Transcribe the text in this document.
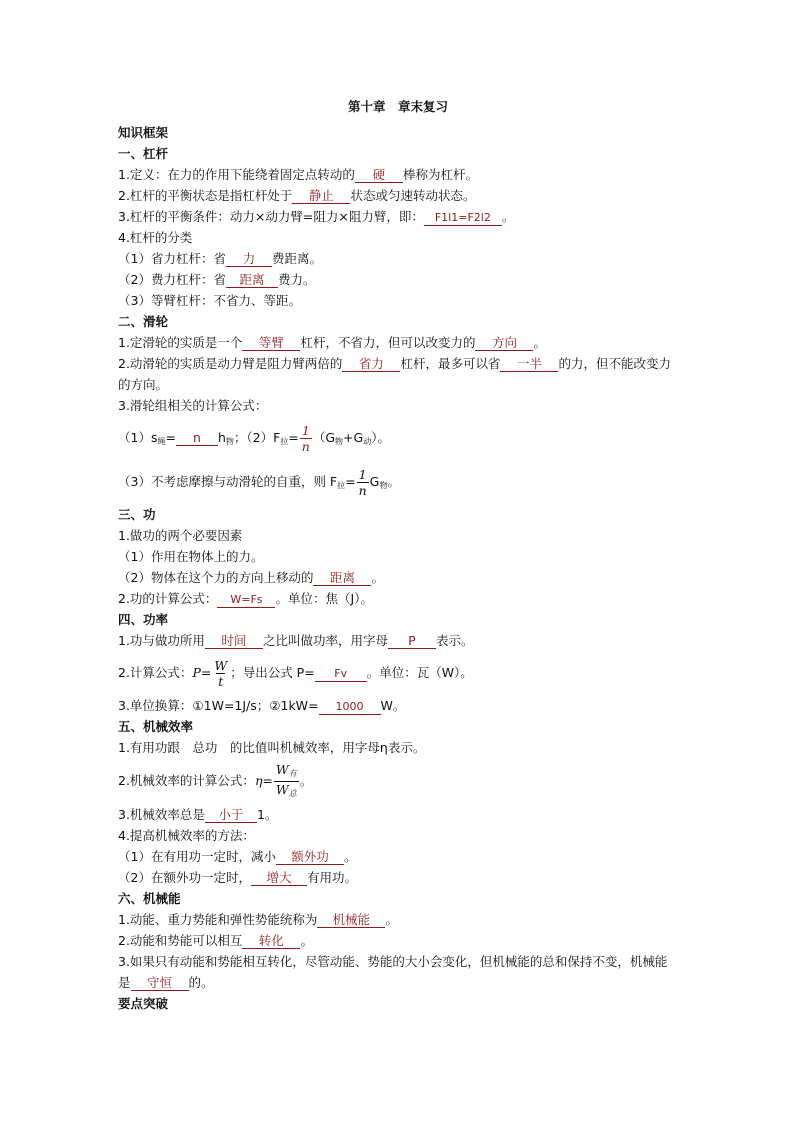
第十章　章末复习
知识框架
一、杠杆
1.定义：在力的作用下能绕着固定点转动的 硬 棒称为杠杆。
2.杠杆的平衡状态是指杠杆处于 静止 状态或匀速转动状态。
3.杠杆的平衡条件：动力×动力臂=阻力×阻力臂，即： F1l1=F2l2 。
4.杠杆的分类
（1）省力杠杆：省 力 费距离。
（2）费力杠杆：省 距离 费力。
（3）等臂杠杆：不省力、等距。
二、滑轮
1.定滑轮的实质是一个 等臂 杠杆，不省力，但可以改变力的 方向 。
2.动滑轮的实质是动力臂是阻力臂两倍的 省力 杠杆，最多可以省 一半 的力，但不能改变力的方向。
3.滑轮组相关的计算公式：
$(1)s_绳= n$ $h_物$；$(2)F_拉= \frac{1}{n} (G_物+G_动)$。
（3）不考虑摩擦与动滑轮的自重，则 $F_拉= \frac{1}{n} G_物$。
三、功
1.做功的两个必要因素
（1）作用在物体上的力。
（2）物体在这个力的方向上移动的 距离 。
2.功的计算公式： W=Fs 。单位：焦（J）。
四、功率
1.功与做功所用 时间 之比叫做功率，用字母 P 表示。
2.计算公式：$P= \frac{W}{t}$ ；导出公式 P= Fv 。单位：瓦（W）。
3.单位换算：①1W=1J/s；②1kW= 1000 W。
五、机械效率
1.有用功跟　总功　的比值叫机械效率，用字母η表示。
2.机械效率的计算公式：$\eta= \frac{W_有}{W_总}$ 。
3.机械效率总是 小于 1。
4.提高机械效率的方法：
（1）在有用功一定时，减小 额外功 。
（2）在额外功一定时， 增大 有用功。
六、机械能
1.动能、重力势能和弹性势能统称为 机械能 。
2.动能和势能可以相互 转化 。
3.如果只有动能和势能相互转化，尽管动能、势能的大小会变化，但机械能的总和保持不变，机械能是 守恒 的。
要点突破
